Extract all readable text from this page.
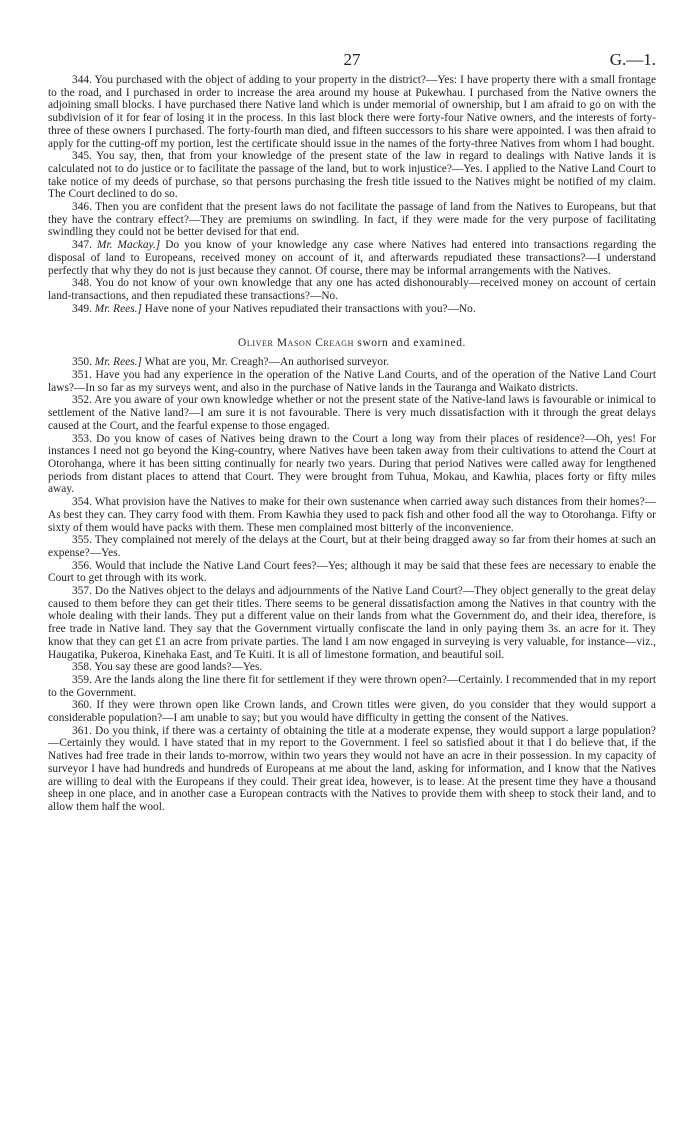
27	G.—1.

344. You purchased with the object of adding to your property in the district?—Yes: I have property there with a small frontage to the road, and I purchased in order to increase the area around my house at Pukewhau. I purchased from the Native owners the adjoining small blocks. I have purchased there Native land which is under memorial of ownership, but I am afraid to go on with the subdivision of it for fear of losing it in the process. In this last block there were forty-four Native owners, and the interests of forty-three of these owners I purchased. The forty-fourth man died, and fifteen successors to his share were appointed. I was then afraid to apply for the cutting-off my portion, lest the certificate should issue in the names of the forty-three Natives from whom I had bought.

345. You say, then, that from your knowledge of the present state of the law in regard to dealings with Native lands it is calculated not to do justice or to facilitate the passage of the land, but to work injustice?—Yes. I applied to the Native Land Court to take notice of my deeds of purchase, so that persons purchasing the fresh title issued to the Natives might be notified of my claim. The Court declined to do so.

346. Then you are confident that the present laws do not facilitate the passage of land from the Natives to Europeans, but that they have the contrary effect?—They are premiums on swindling. In fact, if they were made for the very purpose of facilitating swindling they could not be better devised for that end.

347. Mr. Mackay.] Do you know of your knowledge any case where Natives had entered into transactions regarding the disposal of land to Europeans, received money on account of it, and afterwards repudiated these transactions?—I understand perfectly that why they do not is just because they cannot. Of course, there may be informal arrangements with the Natives.

348. You do not know of your own knowledge that any one has acted dishonourably—received money on account of certain land-transactions, and then repudiated these transactions?—No.

349. Mr. Rees.] Have none of your Natives repudiated their transactions with you?—No.

Oliver Mason Creagh sworn and examined.

350. Mr. Rees.] What are you, Mr. Creagh?—An authorised surveyor.

351. Have you had any experience in the operation of the Native Land Courts, and of the operation of the Native Land Court laws?—In so far as my surveys went, and also in the purchase of Native lands in the Tauranga and Waikato districts.

352. Are you aware of your own knowledge whether or not the present state of the Native-land laws is favourable or inimical to settlement of the Native land?—I am sure it is not favourable. There is very much dissatisfaction with it through the great delays caused at the Court, and the fearful expense to those engaged.

353. Do you know of cases of Natives being drawn to the Court a long way from their places of residence?—Oh, yes! For instances I need not go beyond the King-country, where Natives have been taken away from their cultivations to attend the Court at Otorohanga, where it has been sitting continually for nearly two years. During that period Natives were called away for lengthened periods from distant places to attend that Court. They were brought from Tuhua, Mokau, and Kawhia, places forty or fifty miles away.

354. What provision have the Natives to make for their own sustenance when carried away such distances from their homes?—As best they can. They carry food with them. From Kawhia they used to pack fish and other food all the way to Otorohanga. Fifty or sixty of them would have packs with them. These men complained most bitterly of the inconvenience.

355. They complained not merely of the delays at the Court, but at their being dragged away so far from their homes at such an expense?—Yes.

356. Would that include the Native Land Court fees?—Yes; although it may be said that these fees are necessary to enable the Court to get through with its work.

357. Do the Natives object to the delays and adjournments of the Native Land Court?—They object generally to the great delay caused to them before they can get their titles. There seems to be general dissatisfaction among the Natives in that country with the whole dealing with their lands. They put a different value on their lands from what the Government do, and their idea, therefore, is free trade in Native land. They say that the Government virtually confiscate the land in only paying them 3s. an acre for it. They know that they can get £1 an acre from private parties. The land I am now engaged in surveying is very valuable, for instance—viz., Haugatika, Pukeroa, Kinehaka East, and Te Kuiti. It is all of limestone formation, and beautiful soil.

358. You say these are good lands?—Yes.

359. Are the lands along the line there fit for settlement if they were thrown open?—Certainly. I recommended that in my report to the Government.

360. If they were thrown open like Crown lands, and Crown titles were given, do you consider that they would support a considerable population?—I am unable to say; but you would have difficulty in getting the consent of the Natives.

361. Do you think, if there was a certainty of obtaining the title at a moderate expense, they would support a large population?—Certainly they would. I have stated that in my report to the Government. I feel so satisfied about it that I do believe that, if the Natives had free trade in their lands to-morrow, within two years they would not have an acre in their possession. In my capacity of surveyor I have had hundreds and hundreds of Europeans at me about the land, asking for information, and I know that the Natives are willing to deal with the Europeans if they could. Their great idea, however, is to lease. At the present time they have a thousand sheep in one place, and in another case a European contracts with the Natives to provide them with sheep to stock their land, and to allow them half the wool.
